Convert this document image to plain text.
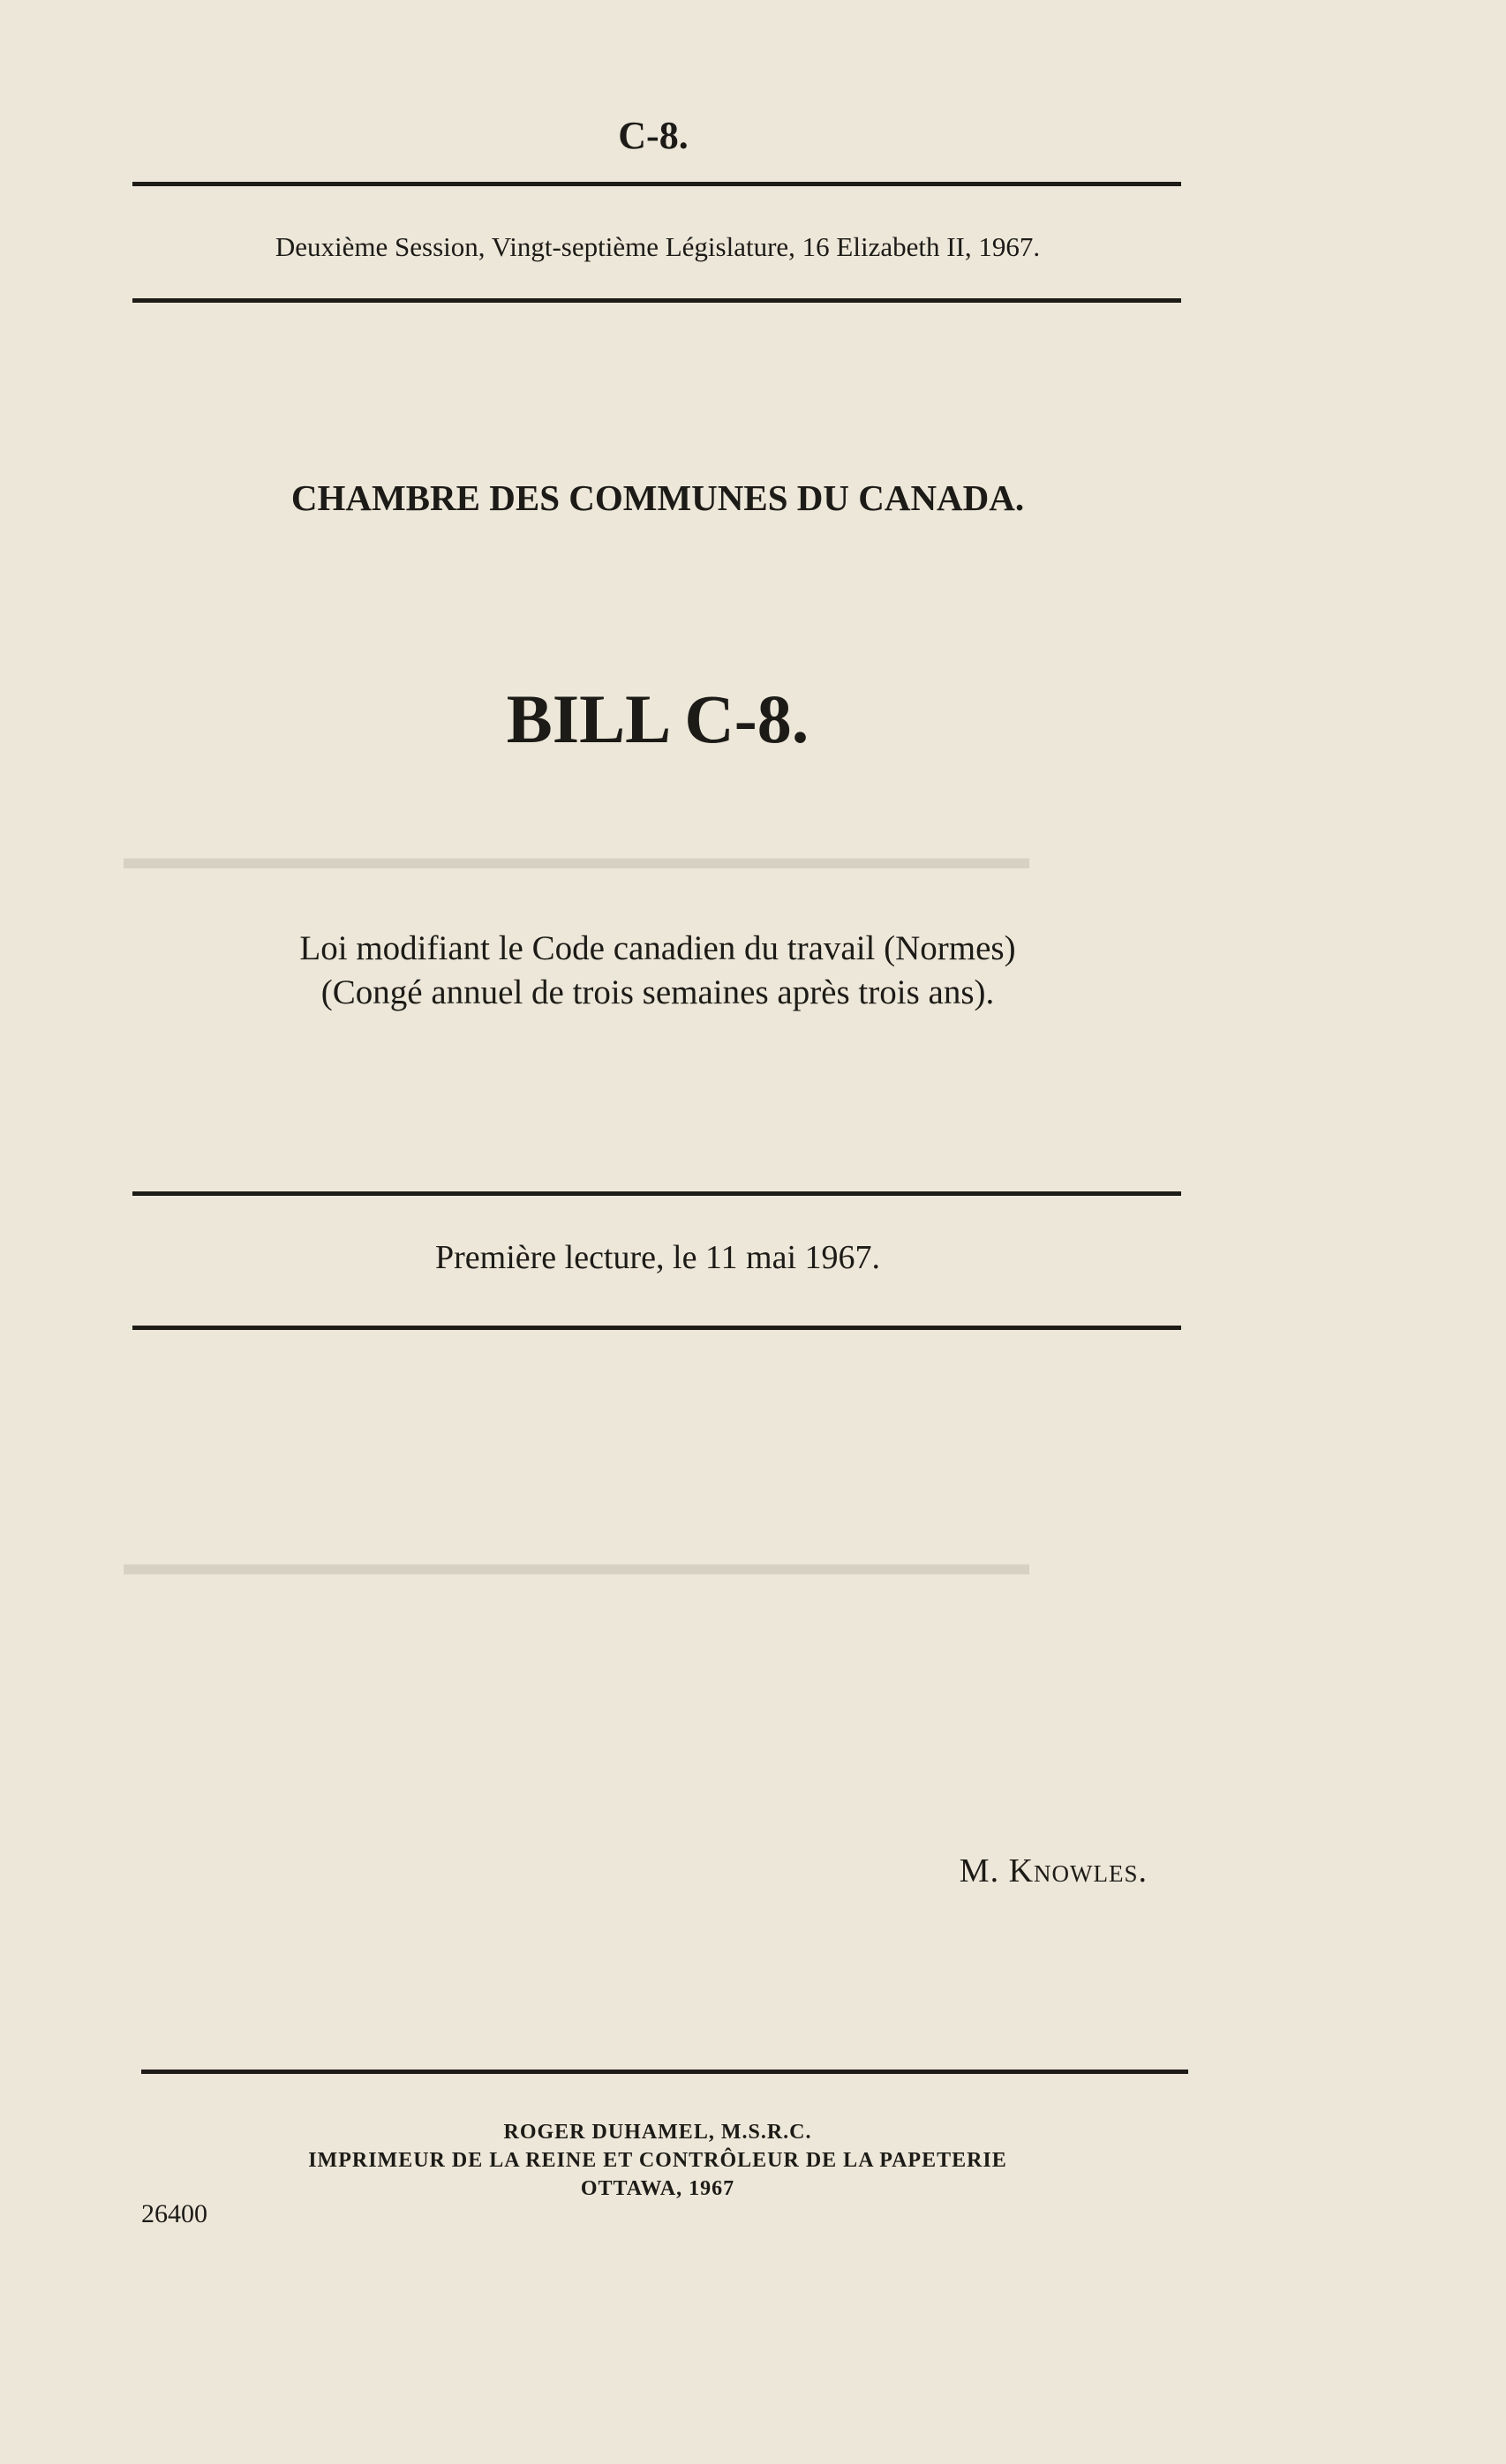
▬▬▬▬▬▬▬▬▬▬▬▬▬▬▬▬▬▬▬▬▬▬▬▬▬▬▬
▬▬▬▬▬▬▬▬▬▬▬▬▬▬▬▬▬▬▬▬▬▬▬▬▬▬▬
C-8.
Deuxième Session, Vingt-septième Législature, 16 Elizabeth II, 1967.
CHAMBRE DES COMMUNES DU CANADA.
BILL C-8.
Loi modifiant le Code canadien du travail (Normes)
(Congé annuel de trois semaines après trois ans).
Première lecture, le 11 mai 1967.
M. Knowles.
ROGER DUHAMEL, M.S.R.C.
IMPRIMEUR DE LA REINE ET CONTRÔLEUR DE LA PAPETERIE
OTTAWA, 1967
26400
